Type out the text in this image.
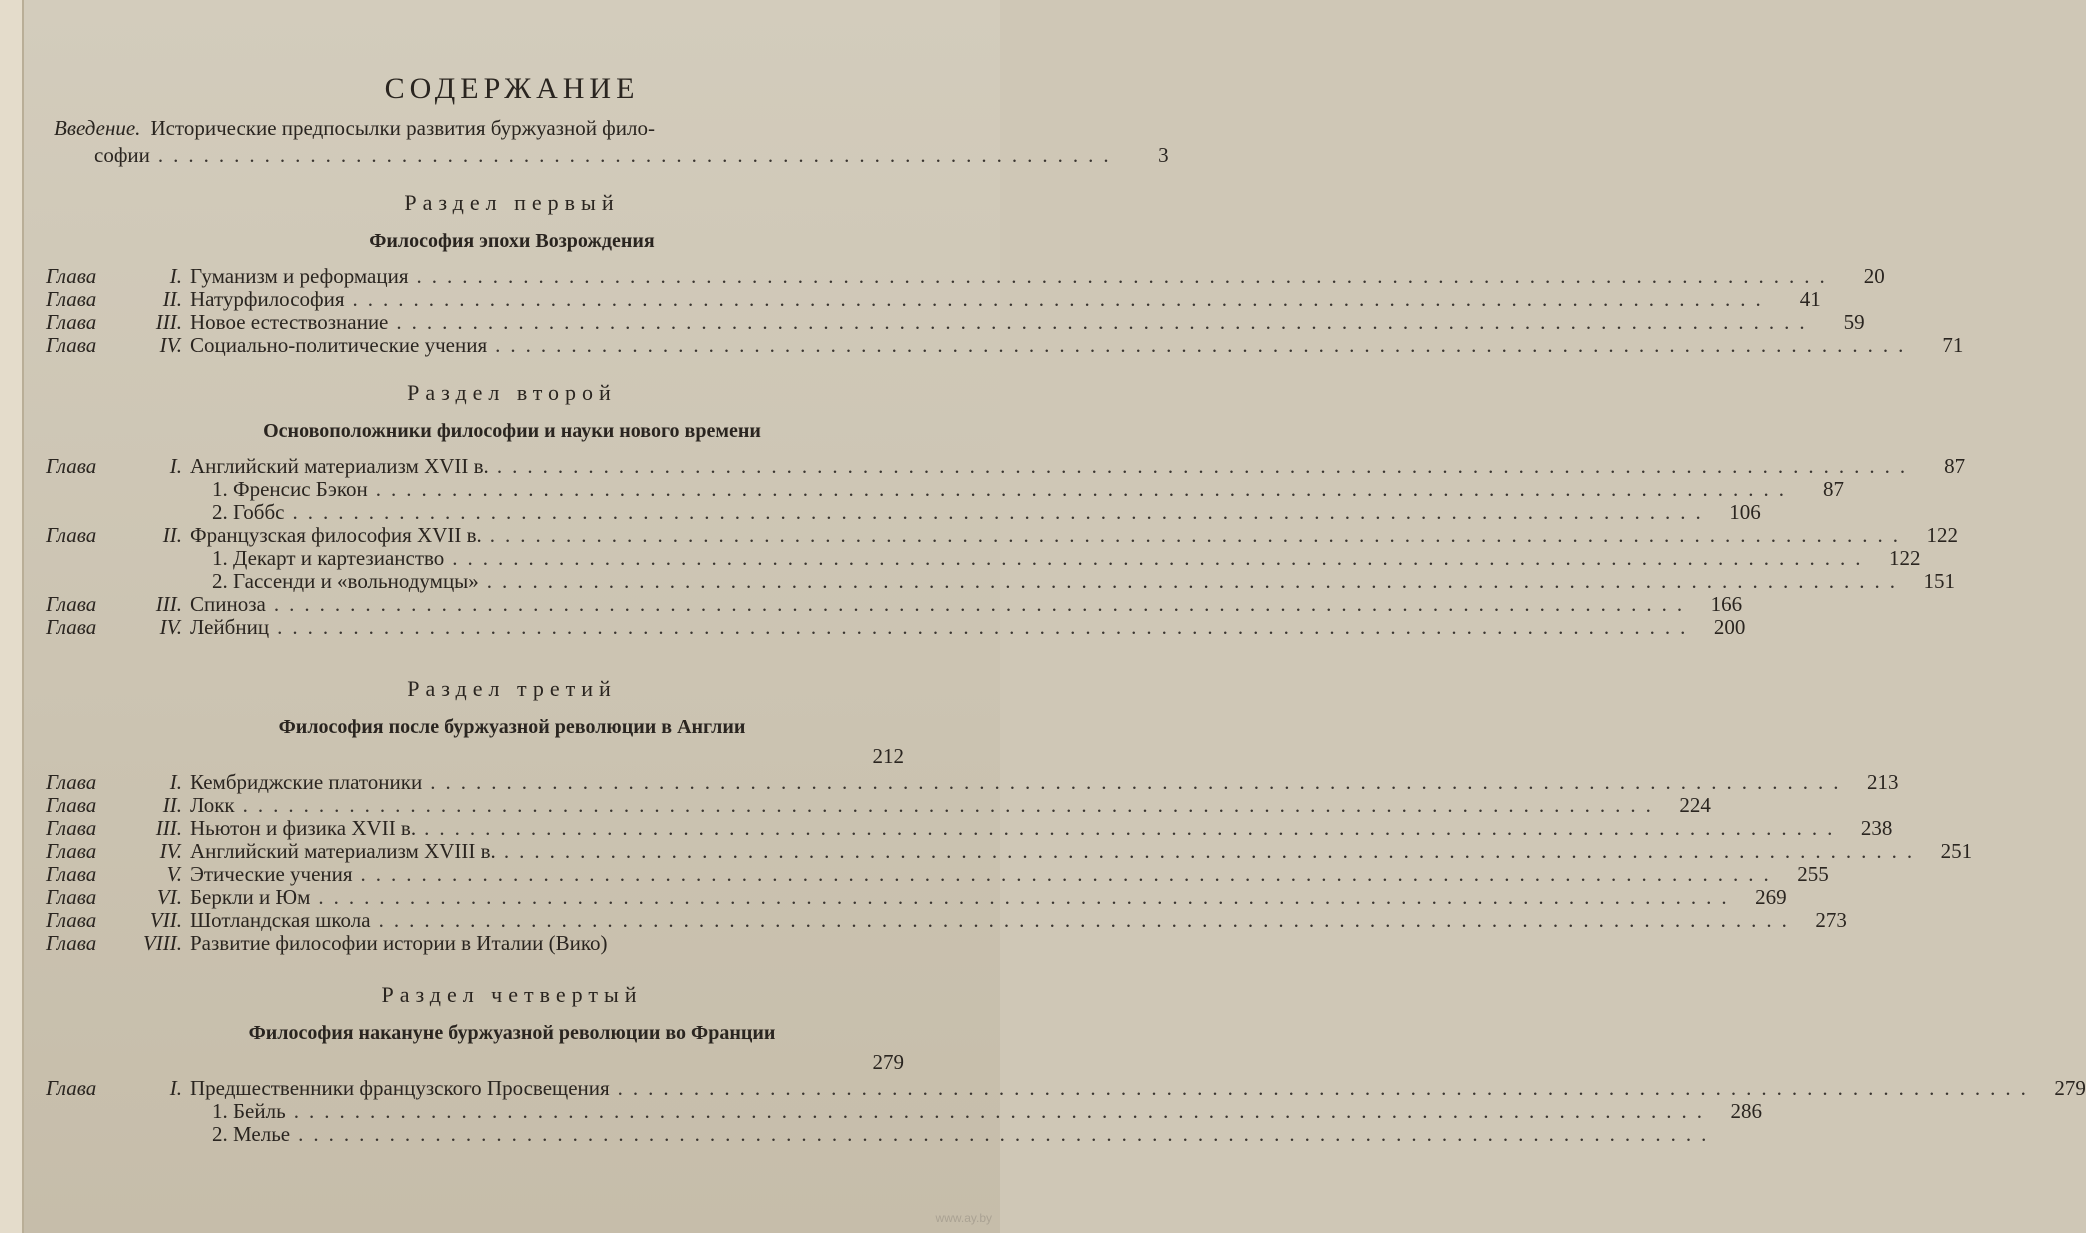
СОДЕРЖАНИЕ
Введение. Исторические предпосылки развития буржуазной фило-
софии ...............................................................	3
Раздел первый
Философия эпохи Возрождения
Глава	I. Гуманизм и реформация .............................................................................................	20
Глава	II. Натурфилософия .............................................................................................	41
Глава	III. Новое естествознание .............................................................................................	59
Глава	IV. Социально-политические учения .............................................................................................	71
Раздел второй
Основоположники философии и науки нового времени
Глава	I. Английский материализм XVII в. .............................................................................................	87
1. Френсис Бэкон .............................................................................................	87
2. Гоббс ............................................................................................. 106
Глава	II. Французская философия XVII в. ............................................................................................. 122
1. Декарт и картезианство ............................................................................................. 122
2. Гассенди и «вольнодумцы» ............................................................................................. 151
Глава	III. Спиноза ............................................................................................. 166
Глава	IV. Лейбниц ............................................................................................. 200
Раздел третий
Философия после буржуазной революции в Англии
212
Глава	I. Кембриджские платоники ............................................................................................. 213
Глава	II. Локк ............................................................................................. 224
Глава	III. Ньютон и физика XVII в. ............................................................................................. 238
Глава	IV. Английский материализм XVIII в. ............................................................................................. 251
Глава	V. Этические учения ............................................................................................. 255
Глава	VI. Беркли и Юм ............................................................................................. 269
Глава	VII. Шотландская школа ............................................................................................. 273
Глава	VIII. Развитие философии истории в Италии (Вико)
Раздел четвертый
Философия накануне буржуазной революции во Франции
279
Глава	I. Предшественники французского Просвещения ............................................................................................. 279
1. Бейль ............................................................................................. 286
2. Мелье .............................................................................................
www.ay.by
